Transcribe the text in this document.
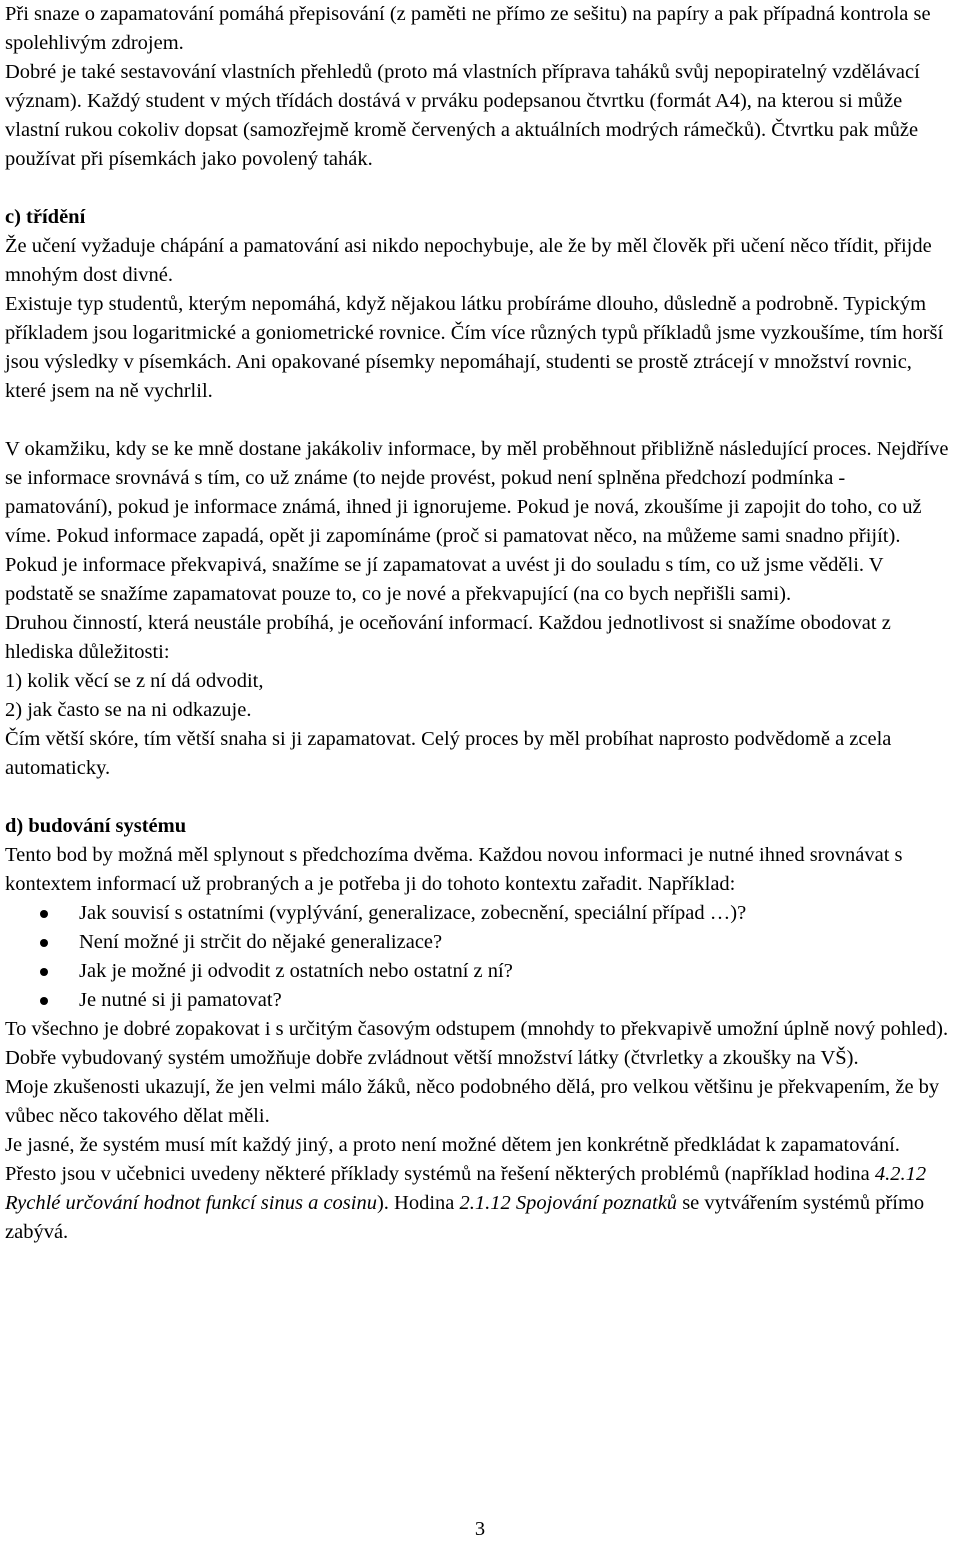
Při snaze o zapamatování pomáhá přepisování (z paměti ne přímo ze sešitu) na papíry a pak případná kontrola se spolehlivým zdrojem.

Dobré je také sestavování vlastních přehledů (proto má vlastních příprava taháků svůj nepopiratelný vzdělávací význam). Každý student v mých třídách dostává v prváku podepsanou čtvrtku (formát A4), na kterou si může vlastní rukou cokoliv dopsat (samozřejmě kromě červených a aktuálních modrých rámečků). Čtvrtku pak může používat při písemkách jako povolený tahák.

c) třídění

Že učení vyžaduje chápání a pamatování asi nikdo nepochybuje, ale že by měl člověk při učení něco třídit, přijde mnohým dost divné.

Existuje typ studentů, kterým nepomáhá, když nějakou látku probíráme dlouho, důsledně a podrobně. Typickým příkladem jsou logaritmické a goniometrické rovnice. Čím více různých typů příkladů jsme vyzkoušíme, tím horší jsou výsledky v písemkách. Ani opakované písemky nepomáhají, studenti se prostě ztrácejí v množství rovnic, které jsem na ně vychrlil.

V okamžiku, kdy se ke mně dostane jakákoliv informace, by měl proběhnout přibližně následující proces. Nejdříve se informace srovnává s tím, co už známe (to nejde provést, pokud není splněna předchozí podmínka - pamatování), pokud je informace známá, ihned ji ignorujeme. Pokud je nová, zkoušíme ji zapojit do toho, co už víme. Pokud informace zapadá, opět ji zapomínáme (proč si pamatovat něco, na můžeme sami snadno přijít). Pokud je informace překvapivá, snažíme se jí zapamatovat a uvést ji do souladu s tím, co už jsme věděli. V podstatě se snažíme zapamatovat pouze to, co je nové a překvapující (na co bych nepřišli sami).

Druhou činností, která neustále probíhá, je oceňování informací. Každou jednotlivost si snažíme obodovat z hlediska důležitosti:

1) kolik věcí se z ní dá odvodit,

2) jak často se na ni odkazuje.

Čím větší skóre, tím větší snaha si ji zapamatovat. Celý proces by měl probíhat naprosto podvědomě a zcela automaticky.

d) budování systému

Tento bod by možná měl splynout s předchozíma dvěma. Každou novou informaci je nutné ihned srovnávat s kontextem informací už probraných a je potřeba ji do tohoto kontextu zařadit. Například:

Jak souvisí s ostatními (vyplývání, generalizace, zobecnění, speciální případ …)?
Není možné ji strčit do nějaké generalizace?
Jak je možné ji odvodit z ostatních nebo ostatní z ní?
Je nutné si ji pamatovat?

To všechno je dobré zopakovat i s určitým časovým odstupem (mnohdy to překvapivě umožní úplně nový pohled).

Dobře vybudovaný systém umožňuje dobře zvládnout větší množství látky (čtvrletky a zkoušky na VŠ).

Moje zkušenosti ukazují, že jen velmi málo žáků, něco podobného dělá, pro velkou většinu je překvapením, že by vůbec něco takového dělat měli.

Je jasné, že systém musí mít každý jiný, a proto není možné dětem jen konkrétně předkládat k zapamatování. Přesto jsou v učebnici uvedeny některé příklady systémů na řešení některých problémů (například hodina 4.2.12 Rychlé určování hodnot funkcí sinus a cosinu). Hodina 2.1.12 Spojování poznatků se vytvářením systémů přímo zabývá.

3
